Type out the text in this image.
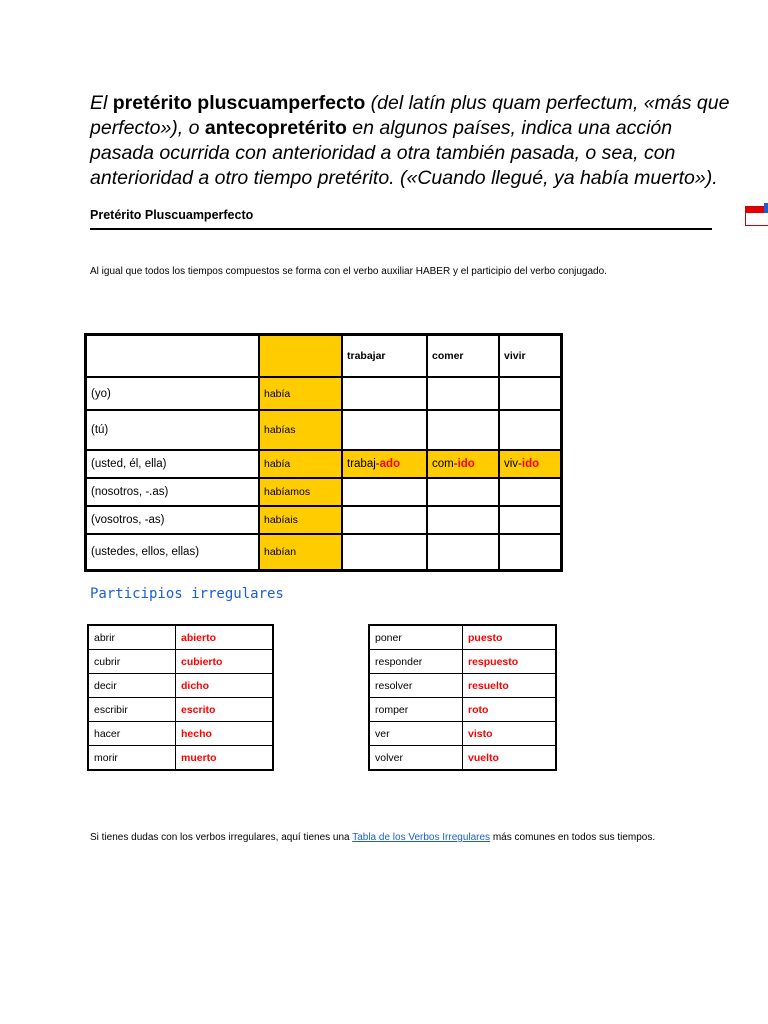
El pretérito pluscuamperfecto (del latín plus quam perfectum, «más que perfecto»), o antecopretérito en algunos países, indica una acción pasada ocurrida con anterioridad a otra también pasada, o sea, con anterioridad a otro tiempo pretérito. («Cuando llegué, ya había muerto»).

Pretérito Pluscuamperfecto

Al igual que todos los tiempos compuestos se forma con el verbo auxiliar HABER y el participio del verbo conjugado.

		trabajar	comer	vivir
(yo)	había			
(tú)	habías			
(usted, él, ella)	había	trabaj-ado	com-ido	viv-ido
(nosotros, -.as)	habíamos			
(vosotros, -as)	habíais			
(ustedes, ellos, ellas)	habían			

Participios irregulares

abrir	abierto
cubrir	cubierto
decir	dicho
escribir	escrito
hacer	hecho
morir	muerto
poner	puesto
responder	respuesto
resolver	resuelto
romper	roto
ver	visto
volver	vuelto

Si tienes dudas con los verbos irregulares, aquí tienes una Tabla de los Verbos Irregulares más comunes en todos sus tiempos.
